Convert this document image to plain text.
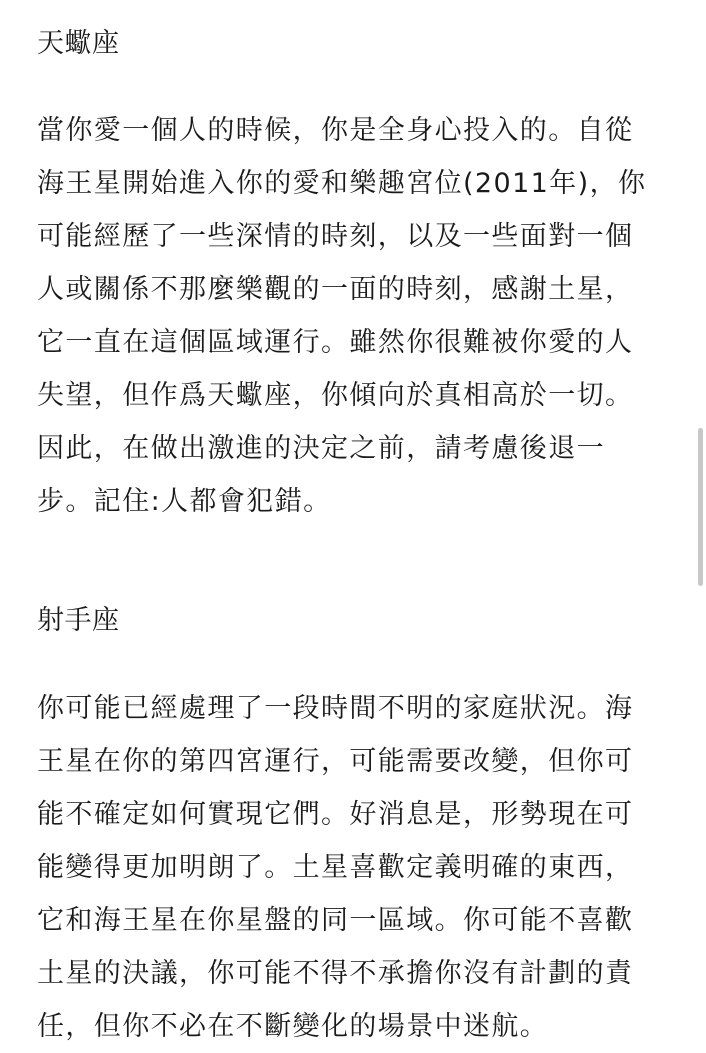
天蠍座

當你愛一個人的時候，你是全身心投入的。自從

海王星開始進入你的愛和樂趣宮位(2011年)，你

可能經歷了一些深情的時刻，以及一些面對一個

人或關係不那麼樂觀的一面的時刻，感謝土星，

它一直在這個區域運行。雖然你很難被你愛的人

失望，但作爲天蠍座，你傾向於真相高於一切。

因此，在做出激進的決定之前，請考慮後退一

步。記住:人都會犯錯。

射手座

你可能已經處理了一段時間不明的家庭狀況。海

王星在你的第四宮運行，可能需要改變，但你可

能不確定如何實現它們。好消息是，形勢現在可

能變得更加明朗了。土星喜歡定義明確的東西，

它和海王星在你星盤的同一區域。你可能不喜歡

土星的決議，你可能不得不承擔你沒有計劃的責

任，但你不必在不斷變化的場景中迷航。
